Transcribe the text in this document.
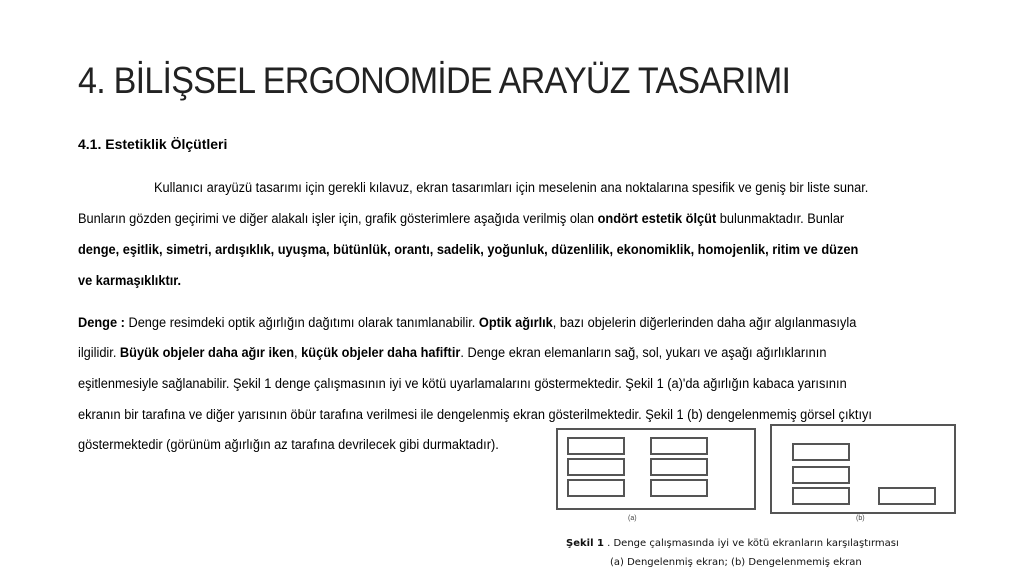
4. BİLİŞSEL ERGONOMİDE ARAYÜZ TASARIMI
4.1. Estetiklik Ölçütleri
Kullanıcı arayüzü tasarımı için gerekli kılavuz, ekran tasarımları için meselenin ana noktalarına spesifik ve geniş bir liste sunar.
Bunların gözden geçirimi ve diğer alakalı işler için, grafik gösterimlere aşağıda verilmiş olan ondört estetik ölçüt bulunmaktadır. Bunlar
denge, eşitlik, simetri, ardışıklık, uyuşma, bütünlük, orantı, sadelik, yoğunluk, düzenlilik, ekonomiklik, homojenlik, ritim ve düzen
ve karmaşıklıktır.
Denge : Denge resimdeki optik ağırlığın dağıtımı olarak tanımlanabilir. Optik ağırlık, bazı objelerin diğerlerinden daha ağır algılanmasıyla
ilgilidir. Büyük objeler daha ağır iken, küçük objeler daha hafiftir. Denge ekran elemanların sağ, sol, yukarı ve aşağı ağırlıklarının
eşitlenmesiyle sağlanabilir. Şekil 1 denge çalışmasının iyi ve kötü uyarlamalarını göstermektedir. Şekil 1 (a)'da ağırlığın kabaca yarısının
ekranın bir tarafına ve diğer yarısının öbür tarafına verilmesi ile dengelenmiş ekran gösterilmektedir. Şekil 1 (b) dengelenmemiş görsel çıktıyı
göstermektedir (görünüm ağırlığın az tarafına devrilecek gibi durmaktadır).
(a)	(b)
Şekil 1 . Denge çalışmasında iyi ve kötü ekranların karşılaştırması
(a) Dengelenmiş ekran; (b) Dengelenmemiş ekran
